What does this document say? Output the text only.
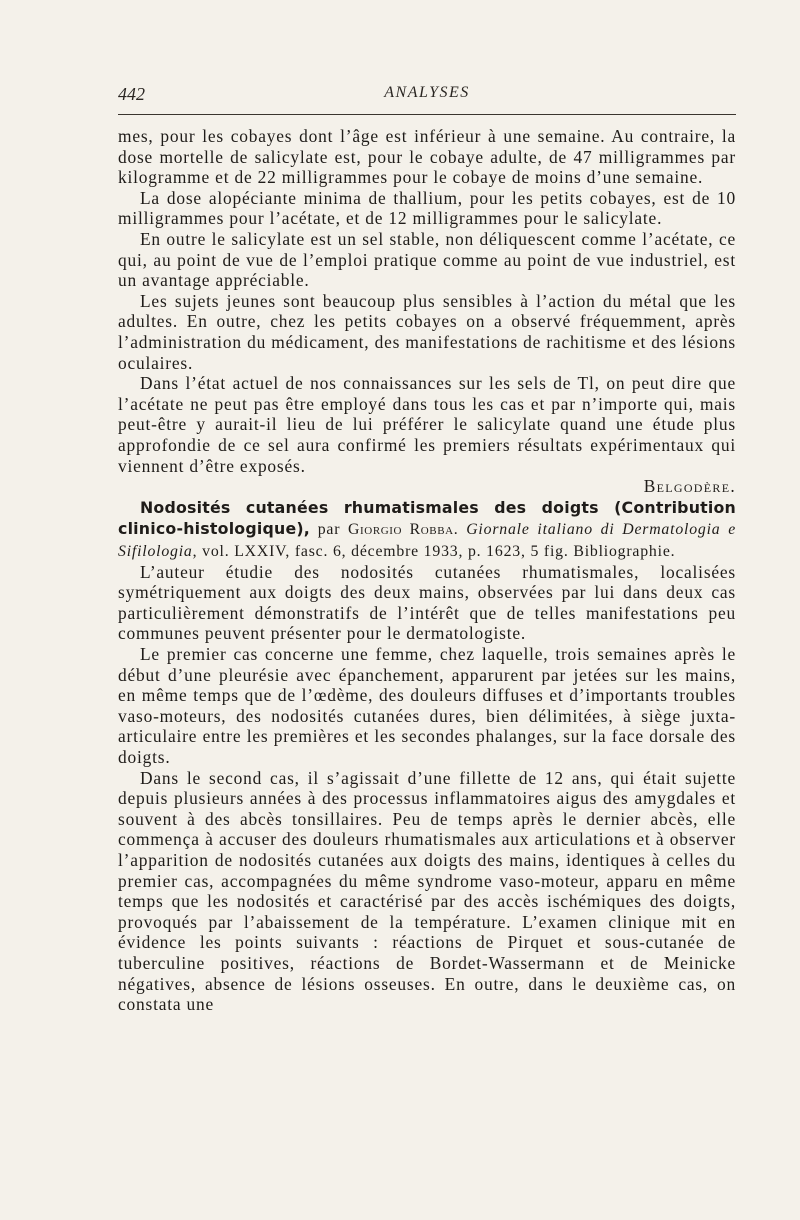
442	ANALYSES

mes, pour les cobayes dont l’âge est inférieur à une semaine. Au contraire, la dose mortelle de salicylate est, pour le cobaye adulte, de 47 milligrammes par kilogramme et de 22 milligrammes pour le cobaye de moins d’une semaine.

La dose alopéciante minima de thallium, pour les petits cobayes, est de 10 milligrammes pour l’acétate, et de 12 milligrammes pour le salicylate.

En outre le salicylate est un sel stable, non déliquescent comme l’acétate, ce qui, au point de vue de l’emploi pratique comme au point de vue industriel, est un avantage appréciable.

Les sujets jeunes sont beaucoup plus sensibles à l’action du métal que les adultes. En outre, chez les petits cobayes on a observé fréquemment, après l’administration du médicament, des manifestations de rachitisme et des lésions oculaires.

Dans l’état actuel de nos connaissances sur les sels de Tl, on peut dire que l’acétate ne peut pas être employé dans tous les cas et par n’importe qui, mais peut-être y aurait-il lieu de lui préférer le salicylate quand une étude plus approfondie de ce sel aura confirmé les premiers résultats expérimentaux qui viennent d’être exposés.

Belgodère.

Nodosités cutanées rhumatismales des doigts (Contribution clinico-histologique), par Giorgio Robba. Giornale italiano di Dermatologia e Sifilologia, vol. LXXIV, fasc. 6, décembre 1933, p. 1623, 5 fig. Bibliographie.

L’auteur étudie des nodosités cutanées rhumatismales, localisées symétriquement aux doigts des deux mains, observées par lui dans deux cas particulièrement démonstratifs de l’intérêt que de telles manifestations peu communes peuvent présenter pour le dermatologiste.

Le premier cas concerne une femme, chez laquelle, trois semaines après le début d’une pleurésie avec épanchement, apparurent par jetées sur les mains, en même temps que de l’œdème, des douleurs diffuses et d’importants troubles vaso-moteurs, des nodosités cutanées dures, bien délimitées, à siège juxta-articulaire entre les premières et les secondes phalanges, sur la face dorsale des doigts.

Dans le second cas, il s’agissait d’une fillette de 12 ans, qui était sujette depuis plusieurs années à des processus inflammatoires aigus des amygdales et souvent à des abcès tonsillaires. Peu de temps après le dernier abcès, elle commença à accuser des douleurs rhumatismales aux articulations et à observer l’apparition de nodosités cutanées aux doigts des mains, identiques à celles du premier cas, accompagnées du même syndrome vaso-moteur, apparu en même temps que les nodosités et caractérisé par des accès ischémiques des doigts, provoqués par l’abaissement de la température. L’examen clinique mit en évidence les points suivants : réactions de Pirquet et sous-cutanée de tuberculine positives, réactions de Bordet-Wassermann et de Meinicke négatives, absence de lésions osseuses. En outre, dans le deuxième cas, on constata une
